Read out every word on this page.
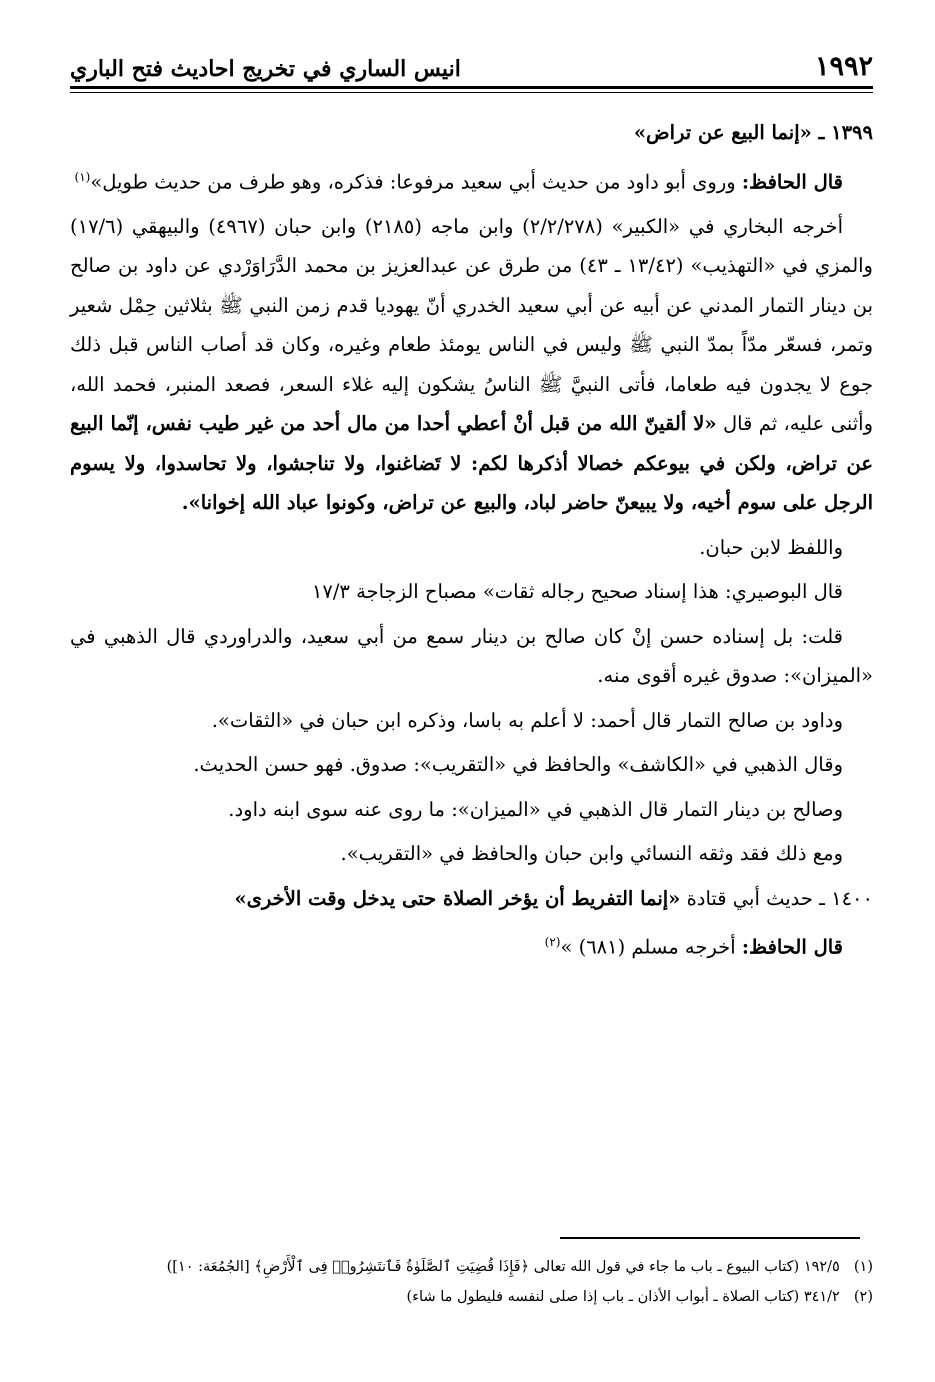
١٩٩٢
انيس الساري في تخريج احاديث فتح الباري

١٣٩٩ ـ «إنما البيع عن تراض»

قال الحافظ: وروى أبو داود من حديث أبي سعيد مرفوعا: فذكره، وهو طرف من حديث طويل»$^{(١)}$

أخرجه البخاري في «الكبير» (٢/٢/٢٧٨) وابن ماجه (٢١٨٥) وابن حبان (٤٩٦٧) والبيهقي (١٧/٦) والمزي في «التهذيب» (١٣/٤٢ ـ ٤٣) من طرق عن عبدالعزيز بن محمد الدَّرَاوَرْدي عن داود بن صالح بن دينار التمار المدني عن أبيه عن أبي سعيد الخدري أنّ يهوديا قدم زمن النبي ﷺ بثلاثين حِمْل شعير وتمر، فسعّر مدّاً بمدّ النبي ﷺ وليس في الناس يومئذ طعام وغيره، وكان قد أصاب الناس قبل ذلك جوع لا يجدون فيه طعاما، فأتى النبيَّ ﷺ الناسُ يشكون إليه غلاء السعر، فصعد المنبر، فحمد الله، وأثنى عليه، ثم قال «لا ألقينّ الله من قبل أنْ أعطي أحدا من مال أحد من غير طيب نفس، إنّما البيع عن تراض، ولكن في بيوعكم خصالا أذكرها لكم: لا تَضاغنوا، ولا تناجشوا، ولا تحاسدوا، ولا يسوم الرجل على سوم أخيه، ولا يبيعنّ حاضر لباد، والبيع عن تراض، وكونوا عباد الله إخوانا».

واللفظ لابن حبان.

قال البوصيري: هذا إسناد صحيح رجاله ثقات» مصباح الزجاجة ١٧/٣

قلت: بل إسناده حسن إنْ كان صالح بن دينار سمع من أبي سعيد، والدراوردي قال الذهبي في «الميزان»: صدوق غيره أقوى منه.

وداود بن صالح التمار قال أحمد: لا أعلم به باسا، وذكره ابن حبان في «الثقات».

وقال الذهبي في «الكاشف» والحافظ في «التقريب»: صدوق. فهو حسن الحديث.

وصالح بن دينار التمار قال الذهبي في «الميزان»: ما روى عنه سوى ابنه داود.

ومع ذلك فقد وثقه النسائي وابن حبان والحافظ في «التقريب».

١٤٠٠ ـ حديث أبي قتادة «إنما التفريط أن يؤخر الصلاة حتى يدخل وقت الأخرى»

قال الحافظ: أخرجه مسلم (٦٨١) »$^{(٢)}$

(١)
١٩٢/٥ (كتاب البيوع ـ باب ما جاء في قول الله تعالى ﴿فَإِذَا قُضِيَتِ ٱلصَّلَوٰةُ فَٱنتَشِرُوا۟ فِى ٱلْأَرْضِ﴾ [الجُمُعَة: ١٠])
(٢)
٣٤١/٢ (كتاب الصلاة ـ أبواب الأذان ـ باب إذا صلى لنفسه فليطول ما شاء)
